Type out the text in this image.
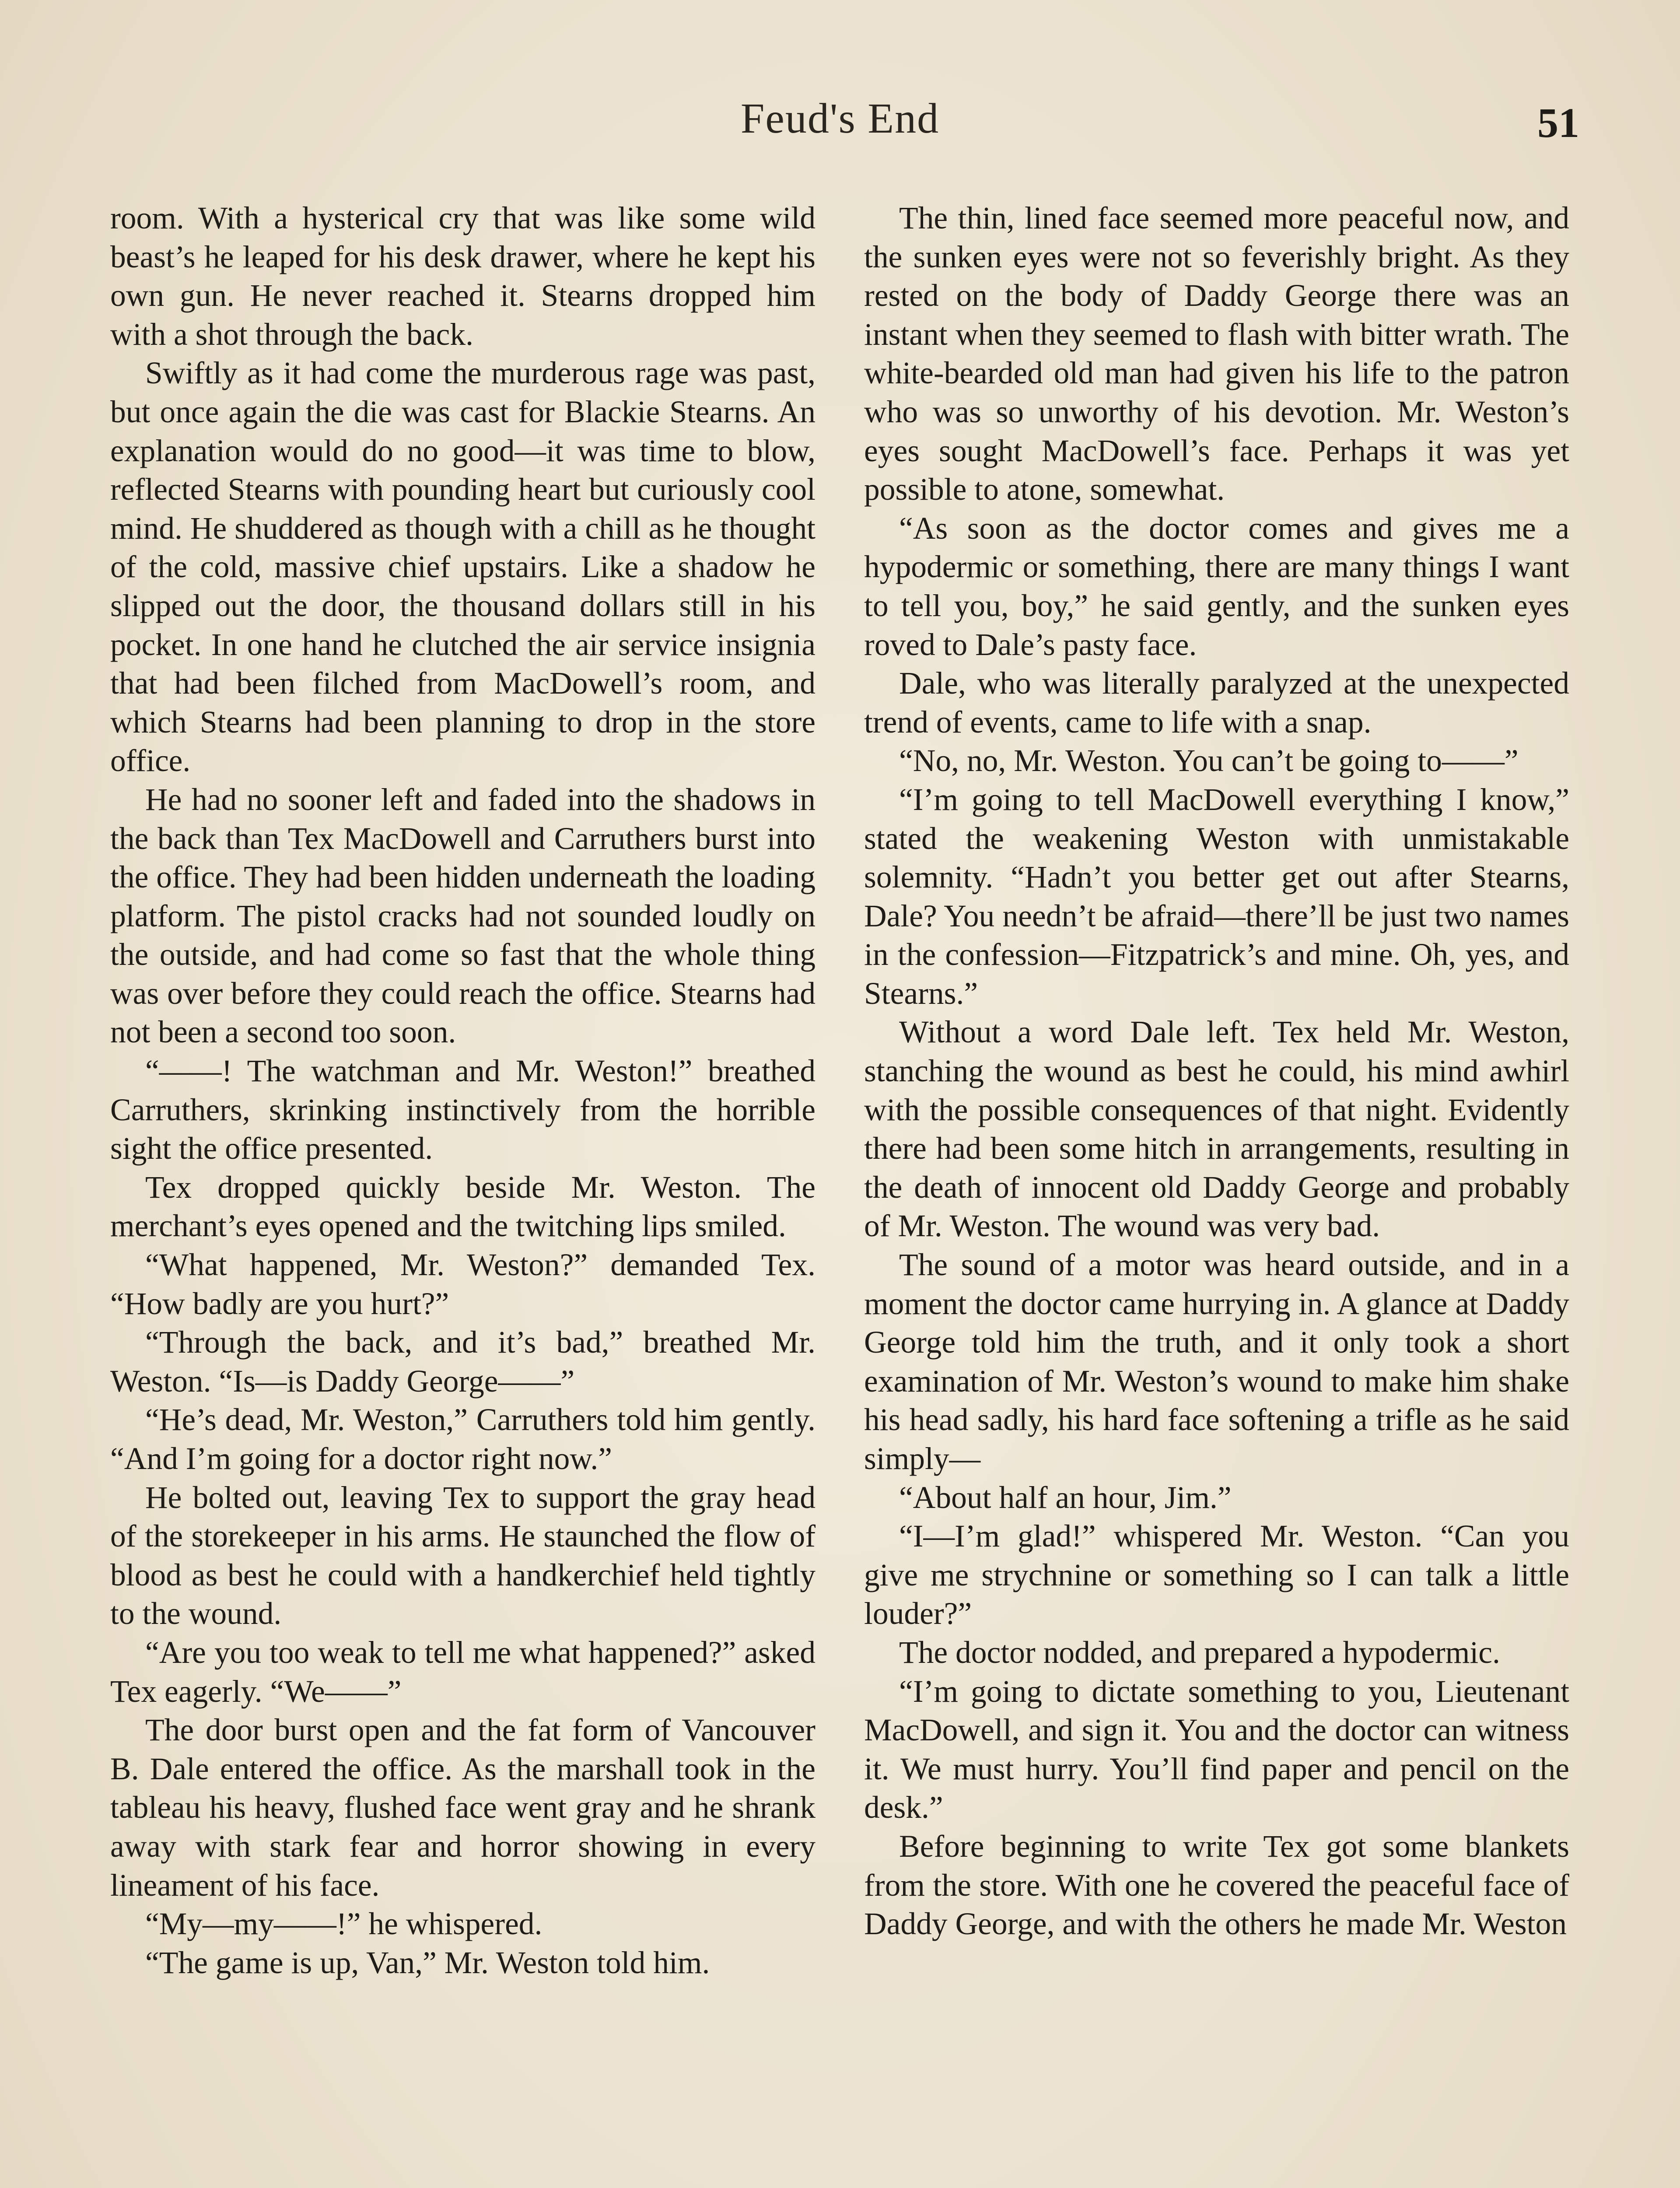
Feud's End	51

room. With a hysterical cry that was like some wild beast’s he leaped for his desk drawer, where he kept his own gun. He never reached it. Stearns dropped him with a shot through the back.

Swiftly as it had come the murderous rage was past, but once again the die was cast for Blackie Stearns. An explanation would do no good—it was time to blow, reflected Stearns with pounding heart but curiously cool mind. He shuddered as though with a chill as he thought of the cold, massive chief upstairs. Like a shadow he slipped out the door, the thousand dollars still in his pocket. In one hand he clutched the air service insignia that had been filched from MacDowell’s room, and which Stearns had been planning to drop in the store office.

He had no sooner left and faded into the shadows in the back than Tex MacDowell and Carruthers burst into the office. They had been hidden underneath the loading platform. The pistol cracks had not sounded loudly on the outside, and had come so fast that the whole thing was over before they could reach the office. Stearns had not been a second too soon.

“——! The watchman and Mr. Weston!” breathed Carruthers, skrinking instinctively from the horrible sight the office presented.

Tex dropped quickly beside Mr. Weston. The merchant’s eyes opened and the twitching lips smiled.

“What happened, Mr. Weston?” demanded Tex. “How badly are you hurt?”

“Through the back, and it’s bad,” breathed Mr. Weston. “Is—is Daddy George——”

“He’s dead, Mr. Weston,” Carruthers told him gently. “And I’m going for a doctor right now.”

He bolted out, leaving Tex to support the gray head of the storekeeper in his arms. He staunched the flow of blood as best he could with a handkerchief held tightly to the wound.

“Are you too weak to tell me what happened?” asked Tex eagerly. “We——”

The door burst open and the fat form of Vancouver B. Dale entered the office. As the marshall took in the tableau his heavy, flushed face went gray and he shrank away with stark fear and horror showing in every lineament of his face.

“My—my——!” he whispered.

“The game is up, Van,” Mr. Weston told him.

The thin, lined face seemed more peaceful now, and the sunken eyes were not so feverishly bright. As they rested on the body of Daddy George there was an instant when they seemed to flash with bitter wrath. The white-bearded old man had given his life to the patron who was so unworthy of his devotion. Mr. Weston’s eyes sought MacDowell’s face. Perhaps it was yet possible to atone, somewhat.

“As soon as the doctor comes and gives me a hypodermic or something, there are many things I want to tell you, boy,” he said gently, and the sunken eyes roved to Dale’s pasty face.

Dale, who was literally paralyzed at the unexpected trend of events, came to life with a snap.

“No, no, Mr. Weston. You can’t be going to——”

“I’m going to tell MacDowell everything I know,” stated the weakening Weston with unmistakable solemnity. “Hadn’t you better get out after Stearns, Dale? You needn’t be afraid—there’ll be just two names in the confession—Fitzpatrick’s and mine. Oh, yes, and Stearns.”

Without a word Dale left. Tex held Mr. Weston, stanching the wound as best he could, his mind awhirl with the possible consequences of that night. Evidently there had been some hitch in arrangements, resulting in the death of innocent old Daddy George and probably of Mr. Weston. The wound was very bad.

The sound of a motor was heard outside, and in a moment the doctor came hurrying in. A glance at Daddy George told him the truth, and it only took a short examination of Mr. Weston’s wound to make him shake his head sadly, his hard face softening a trifle as he said simply—

“About half an hour, Jim.”

“I—I’m glad!” whispered Mr. Weston. “Can you give me strychnine or something so I can talk a little louder?”

The doctor nodded, and prepared a hypodermic.

“I’m going to dictate something to you, Lieutenant MacDowell, and sign it. You and the doctor can witness it. We must hurry. You’ll find paper and pencil on the desk.”

Before beginning to write Tex got some blankets from the store. With one he covered the peaceful face of Daddy George, and with the others he made Mr. Weston
